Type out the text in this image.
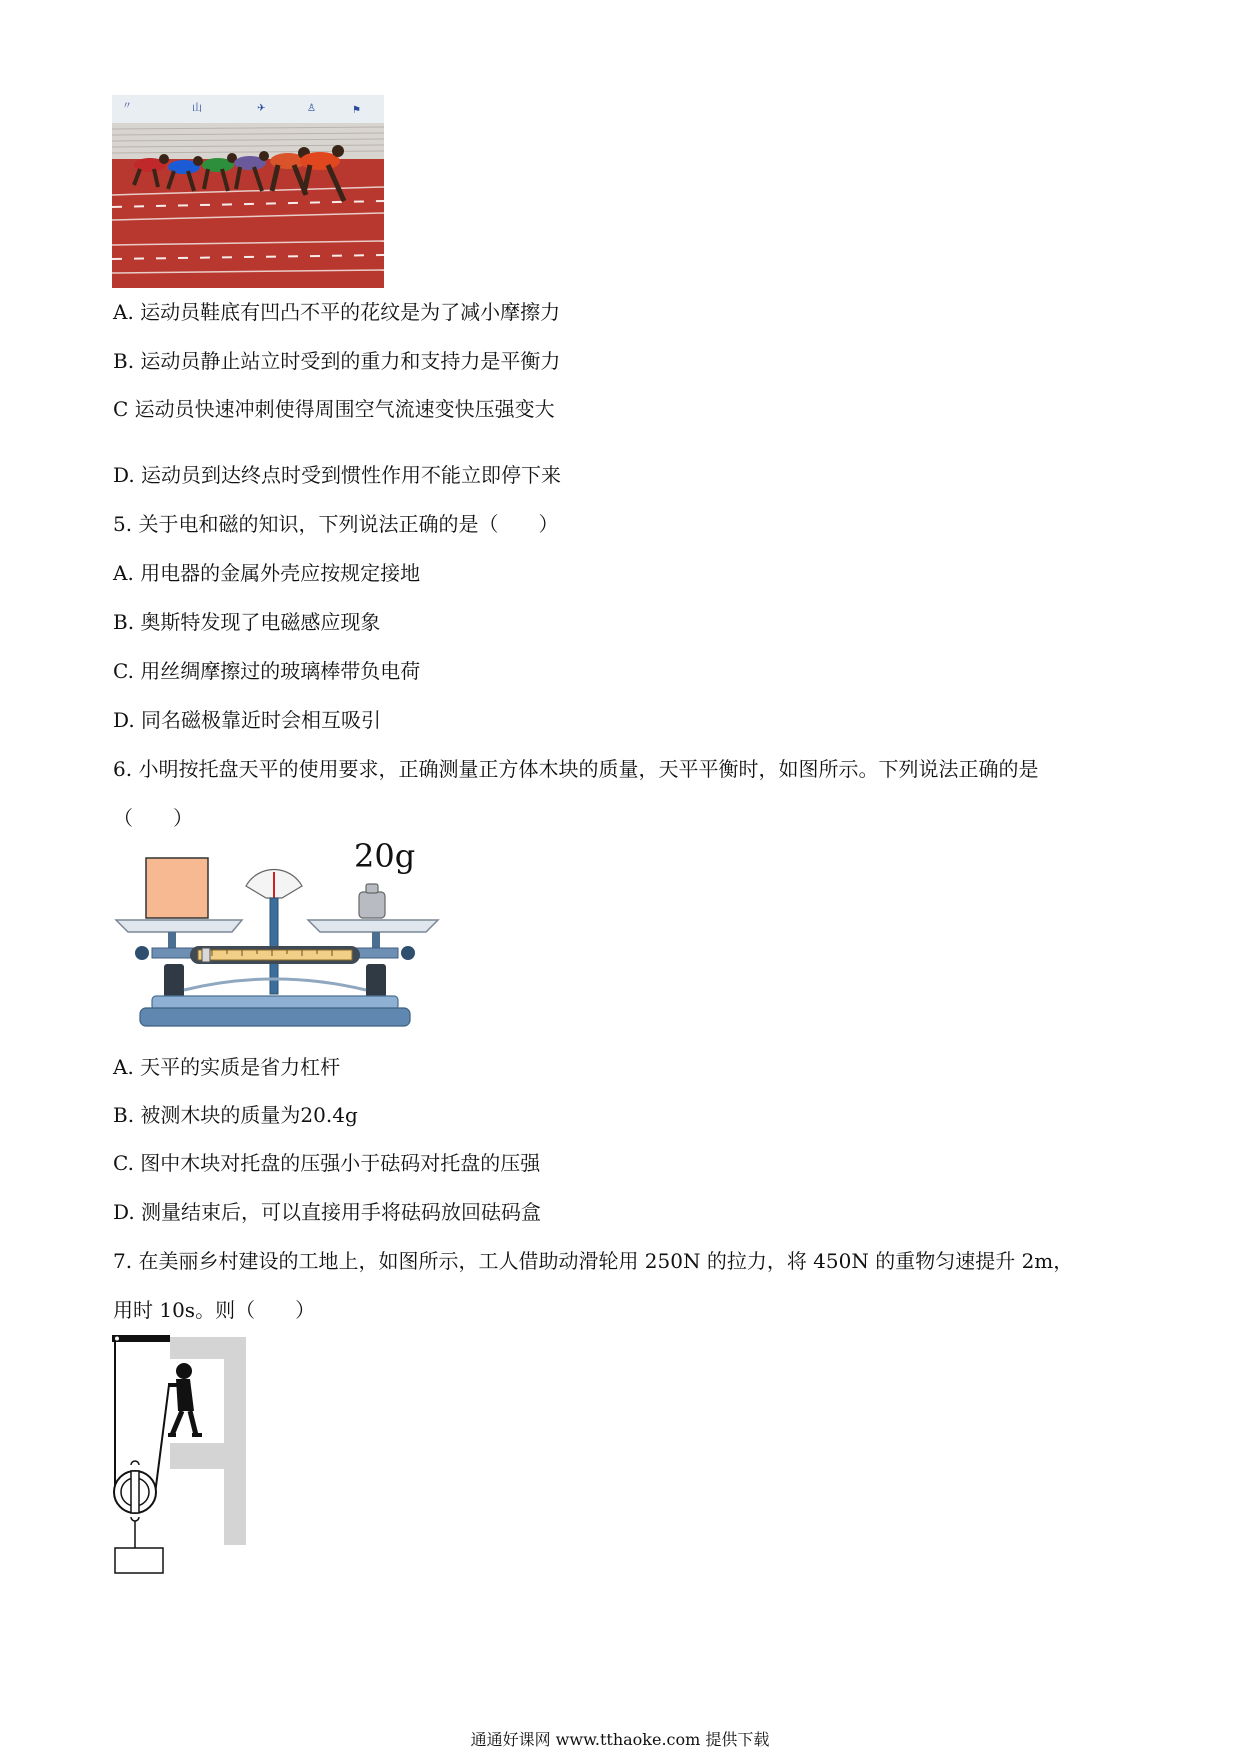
〃	山	✈	♙	⚑
A. 运动员鞋底有凹凸不平的花纹是为了减小摩擦力
B. 运动员静止站立时受到的重力和支持力是平衡力
C 运动员快速冲刺使得周围空气流速变快压强变大
D. 运动员到达终点时受到惯性作用不能立即停下来
5. 关于电和磁的知识，下列说法正确的是（　　）
A. 用电器的金属外壳应按规定接地
B. 奥斯特发现了电磁感应现象
C. 用丝绸摩擦过的玻璃棒带负电荷
D. 同名磁极靠近时会相互吸引
6. 小明按托盘天平的使用要求，正确测量正方体木块的质量，天平平衡时，如图所示。下列说法正确的是
（　　）
20g
A. 天平的实质是省力杠杆
B. 被测木块的质量为20.4g
C. 图中木块对托盘的压强小于砝码对托盘的压强
D. 测量结束后，可以直接用手将砝码放回砝码盒
7. 在美丽乡村建设的工地上，如图所示，工人借助动滑轮用 250N 的拉力，将 450N 的重物匀速提升 2m，
用时 10s。则（　　）
通通好课网 www.tthaoke.com 提供下载
